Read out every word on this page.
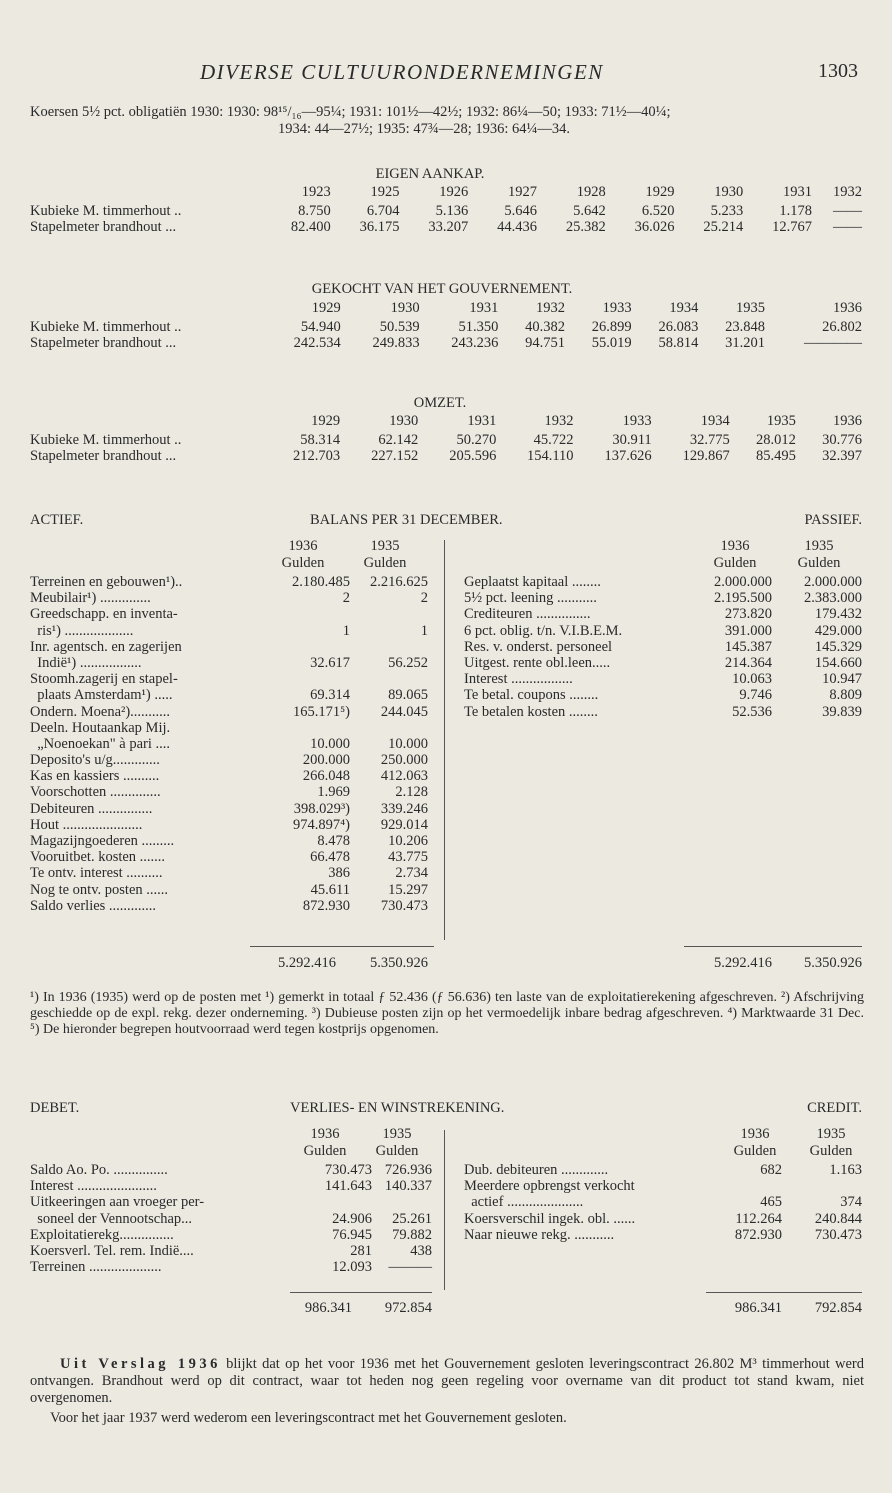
DIVERSE CULTUURONDERNEMINGEN	1303
Koersen 5½ pct. obligatiën 1930: 1930: 98¹⁵/₁₆—95¼; 1931: 101½—42½; 1932: 86¼—50; 1933: 71½—40¼;
1934: 44—27½; 1935: 47¾—28; 1936: 64¼—34.
EIGEN AANKAP.
	1923	1925	1926	1927	1928	1929	1930	1931	1932
Kubieke M. timmerhout ..	8.750	6.704	5.136	5.646	5.642	6.520	5.233	1.178	——
Stapelmeter brandhout ...	82.400	36.175	33.207	44.436	25.382	36.026	25.214	12.767	——
GEKOCHT VAN HET GOUVERNEMENT.
	1929	1930	1931	1932	1933	1934	1935	1936
Kubieke M. timmerhout ..	54.940	50.539	51.350	40.382	26.899	26.083	23.848	26.802
Stapelmeter brandhout ...	242.534	249.833	243.236	94.751	55.019	58.814	31.201	————
OMZET.
	1929	1930	1931	1932	1933	1934	1935	1936
Kubieke M. timmerhout ..	58.314	62.142	50.270	45.722	30.911	32.775	28.012	30.776
Stapelmeter brandhout ...	212.703	227.152	205.596	154.110	137.626	129.867	85.495	32.397
ACTIEF.	BALANS PER 31 DECEMBER.	PASSIEF.
1936	1935
Gulden	Gulden
1936	1935
Gulden	Gulden
Terreinen en gebouwen¹)..	2.180.485	2.216.625
Meubilair¹) ..............	2	2
Greedschapp. en inventa-
ris¹) ...................	1	1
Inr. agentsch. en zagerijen
Indië¹) .................	32.617	56.252
Stoomh.zagerij en stapel-
plaats Amsterdam¹) .....	69.314	89.065
Ondern. Moena²)...........	165.171⁵)	244.045
Deeln. Houtaankap Mij.
„Noenoekan" à pari ....	10.000	10.000
Deposito's u/g.............	200.000	250.000
Kas en kassiers ..........	266.048	412.063
Voorschotten ..............	1.969	2.128
Debiteuren ...............	398.029³)	339.246
Hout ......................	974.897⁴)	929.014
Magazijngoederen .........	8.478	10.206
Vooruitbet. kosten .......	66.478	43.775
Te ontv. interest ..........	386	2.734
Nog te ontv. posten ......	45.611	15.297
Saldo verlies .............	872.930	730.473
Geplaatst kapitaal ........	2.000.000	2.000.000
5½ pct. leening ...........	2.195.500	2.383.000
Crediteuren ...............	273.820	179.432
6 pct. oblig. t/n. V.I.B.E.M.	391.000	429.000
Res. v. onderst. personeel	145.387	145.329
Uitgest. rente obl.leen.....	214.364	154.660
Interest .................	10.063	10.947
Te betal. coupons ........	9.746	8.809
Te betalen kosten ........	52.536	39.839
5.292.416	5.350.926	5.292.416	5.350.926
¹) In 1936 (1935) werd op de posten met ¹) gemerkt in totaal ƒ 52.436 (ƒ 56.636) ten laste van de exploitatierekening afgeschreven. ²) Afschrijving geschiedde op de expl. rekg. dezer onderneming. ³) Dubieuse posten zijn op het vermoedelijk inbare bedrag afgeschreven. ⁴) Marktwaarde 31 Dec. ⁵) De hieronder begrepen houtvoorraad werd tegen kostprijs opgenomen.
DEBET.	VERLIES- EN WINSTREKENING.	CREDIT.
1936	1935
Gulden	Gulden
1936	1935
Gulden	Gulden
Saldo Ao. Po. ...............	730.473 726.936
Interest ......................	141.643 140.337
Uitkeeringen aan vroeger per-
soneel der Vennootschap...	24.906	25.261
Exploitatierekg...............	76.945	79.882
Koersverl. Tel. rem. Indië....	281	438
Terreinen ....................	12.093	———
Dub. debiteuren .............	682	1.163
Meerdere opbrengst verkocht
actief .....................	465	374
Koersverschil ingek. obl. ......	112.264	240.844
Naar nieuwe rekg. ...........	872.930	730.473
986.341	972.854	986.341	792.854
Uit Verslag 1936 blijkt dat op het voor 1936 met het Gouvernement gesloten leveringscontract 26.802 M³ timmerhout werd ontvangen. Brandhout werd op dit contract, waar tot heden nog geen regeling voor overname van dit product tot stand kwam, niet overgenomen.
Voor het jaar 1937 werd wederom een leveringscontract met het Gouvernement gesloten.
